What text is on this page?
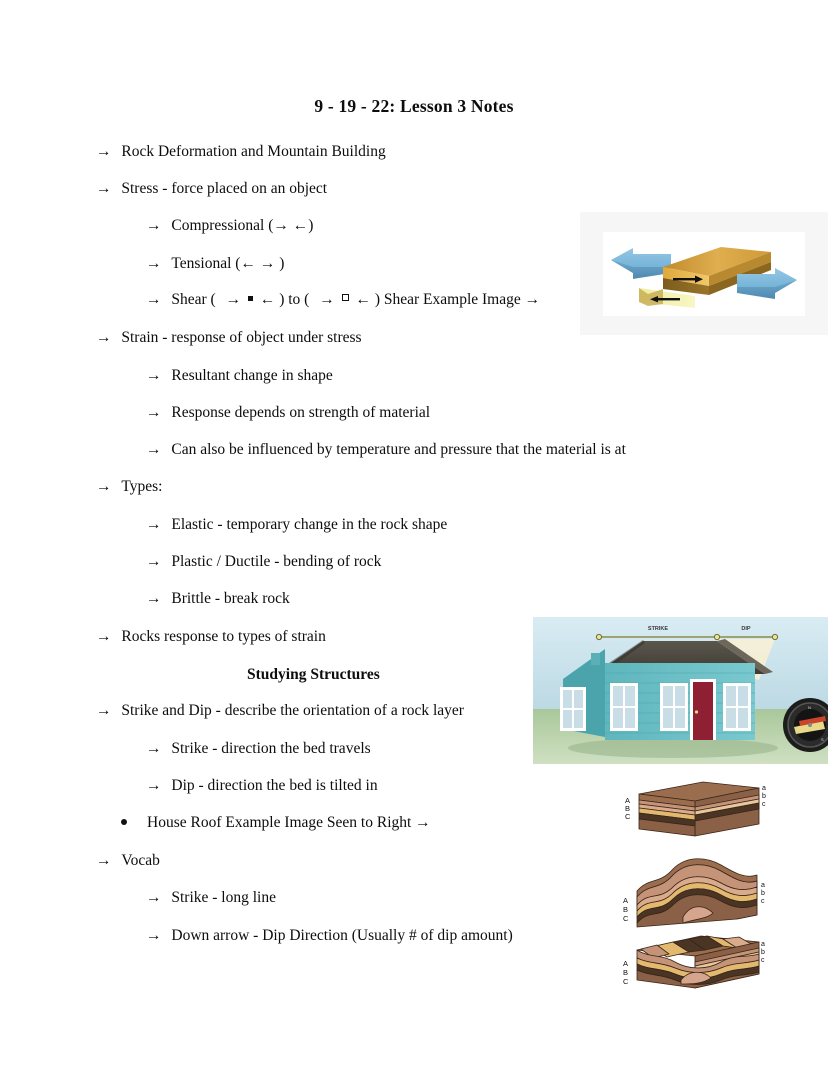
9 - 19 - 22: Lesson 3 Notes
→ Rock Deformation and Mountain Building
→ Stress - force placed on an object
→ Compressional (→ ←)
→ Tensional (← → )
→ Shear ( → ← ) to ( → ← ) Shear Example Image →
→ Strain - response of object under stress
→ Resultant change in shape
→ Response depends on strength of material
→ Can also be influenced by temperature and pressure that the material is at
→ Types:
→ Elastic - temporary change in the rock shape
→ Plastic / Ductile - bending of rock
→ Brittle - break rock
→ Rocks response to types of strain
Studying Structures
→ Strike and Dip - describe the orientation of a rock layer
→ Strike - direction the bed travels
→ Dip - direction the bed is tilted in
House Roof Example Image Seen to Right →
→ Vocab
→ Strike - long line
→ Down arrow - Dip Direction (Usually # of dip amount)
STRIKE	DIP
N
S
A
B
C
a
b
c
A
B
C
a
b
c
A
B
C
a
b
c
